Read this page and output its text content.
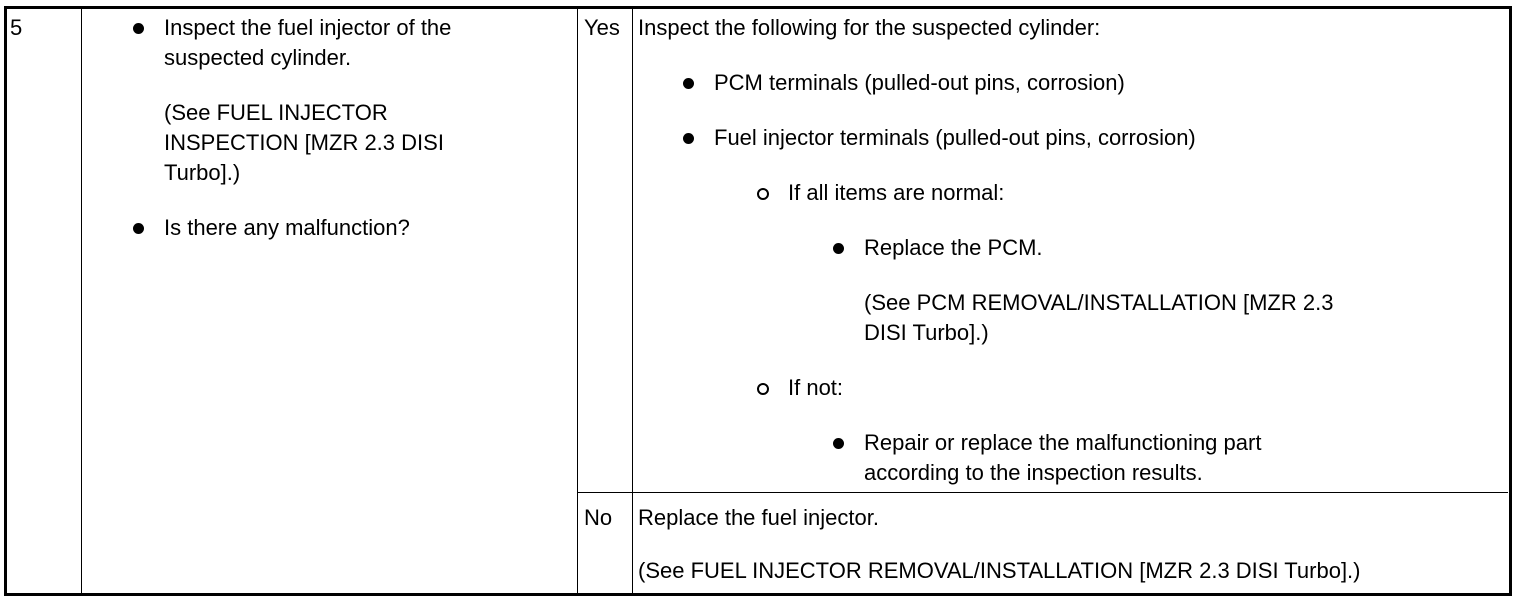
5	Inspect the fuel injector of the
suspected cylinder.
(See FUEL INJECTOR
INSPECTION [MZR 2.3 DISI
Turbo].)
Is there any malfunction?
Yes Inspect the following for the suspected cylinder:
PCM terminals (pulled-out pins, corrosion)
Fuel injector terminals (pulled-out pins, corrosion)
If all items are normal:
Replace the PCM.
(See PCM REMOVAL/INSTALLATION [MZR 2.3
DISI Turbo].)
If not:
Repair or replace the malfunctioning part
according to the inspection results.
No Replace the fuel injector.
(See FUEL INJECTOR REMOVAL/INSTALLATION [MZR 2.3 DISI Turbo].)
